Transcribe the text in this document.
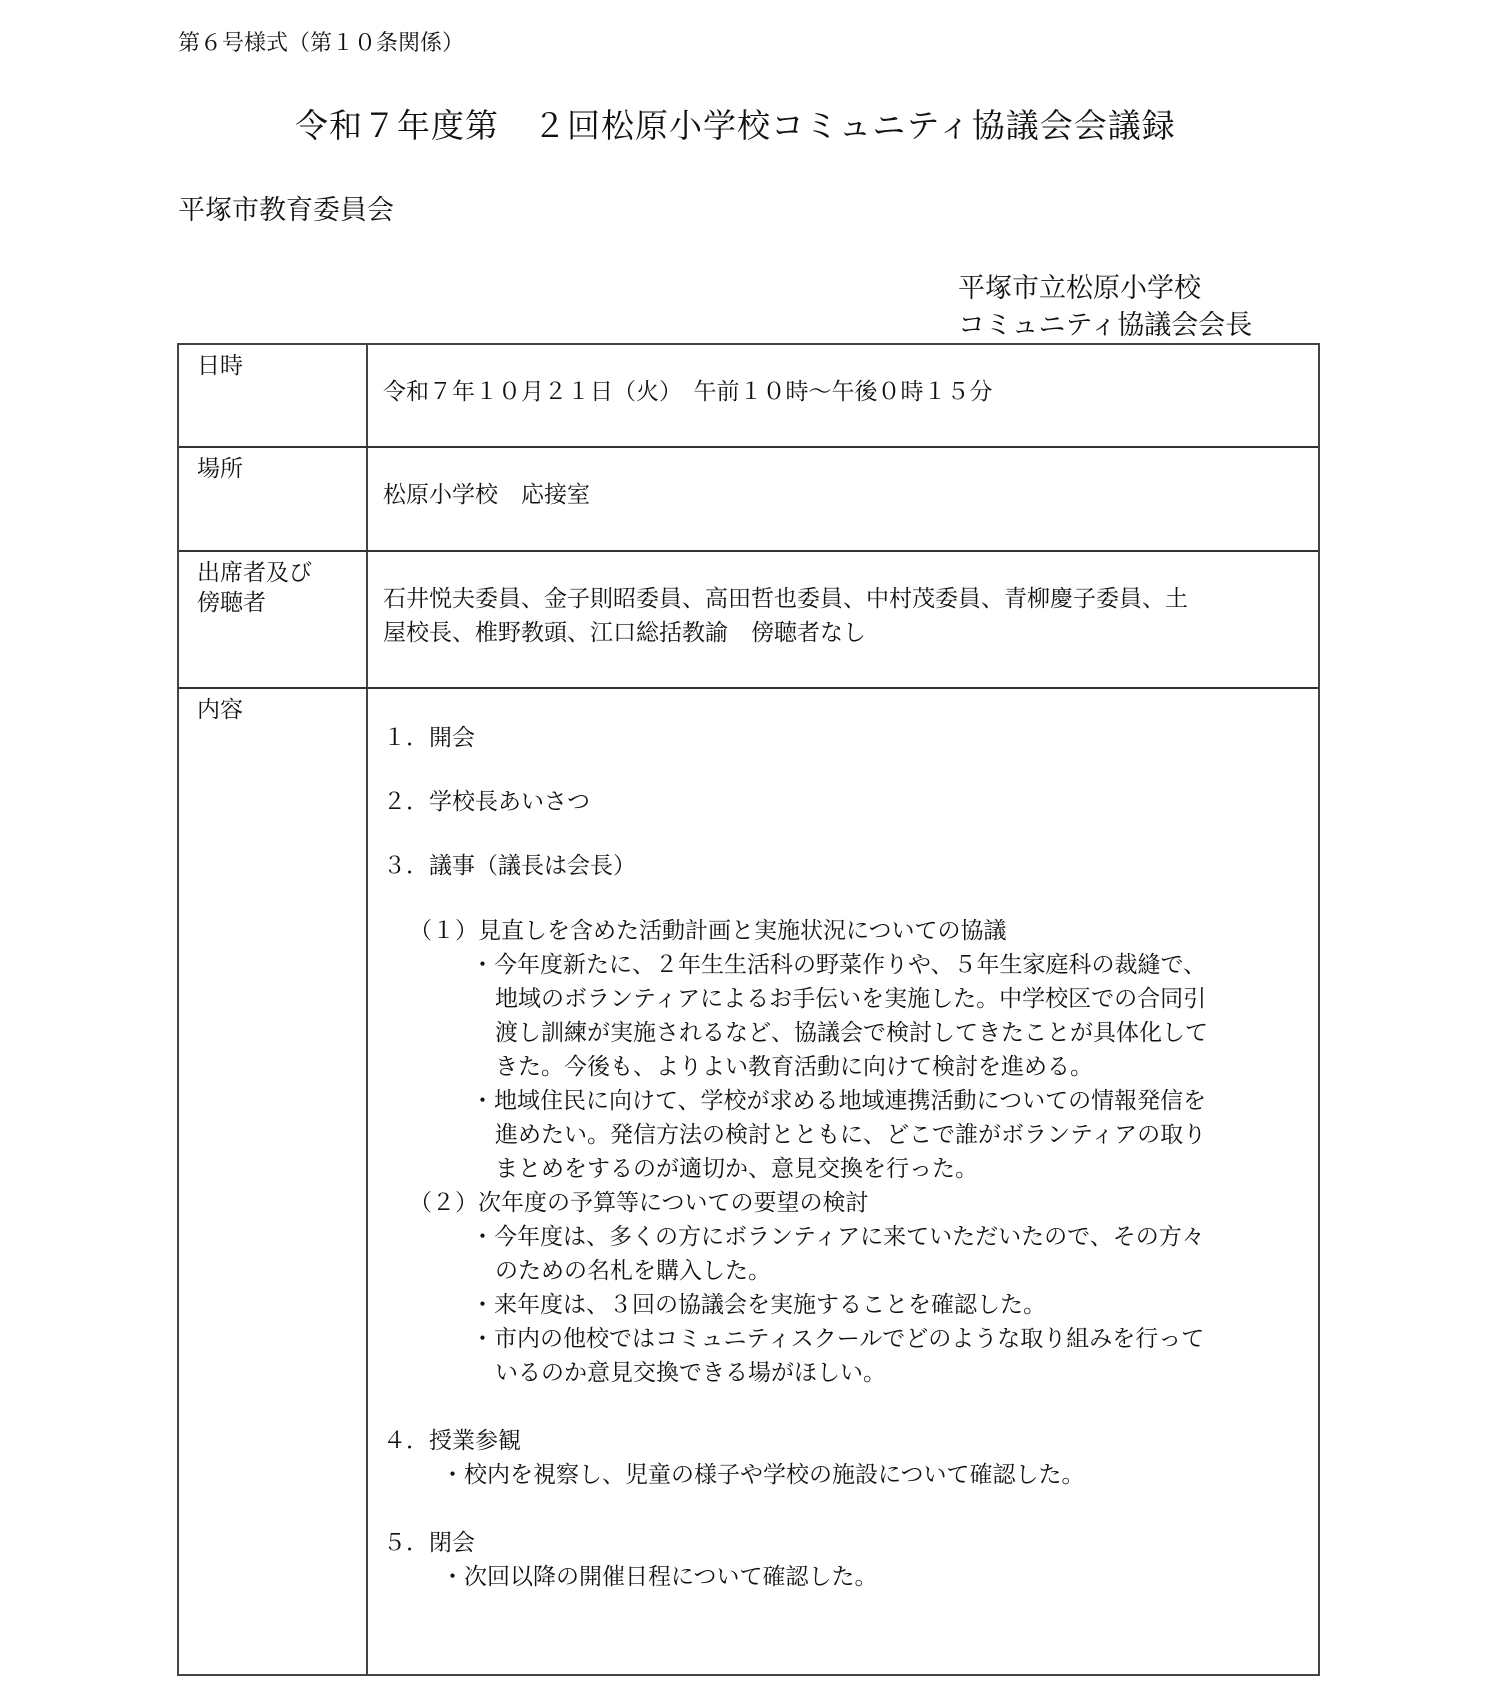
第６号様式（第１０条関係）
令和７年度第　２回松原小学校コミュニティ協議会会議録
平塚市教育委員会
平塚市立松原小学校
コミュニティ協議会会長
日時
令和７年１０月２１日（火）　午前１０時～午後０時１５分
場所
松原小学校　応接室
出席者及び
傍聴者	石井悦夫委員、金子則昭委員、高田哲也委員、中村茂委員、青柳慶子委員、土
屋校長、椎野教頭、江口総括教諭　傍聴者なし
内容
１．開会
２．学校長あいさつ
３．議事（議長は会長）
（１）見直しを含めた活動計画と実施状況についての協議
・今年度新たに、２年生生活科の野菜作りや、５年生家庭科の裁縫で、
地域のボランティアによるお手伝いを実施した。中学校区での合同引
渡し訓練が実施されるなど、協議会で検討してきたことが具体化して
きた。今後も、よりよい教育活動に向けて検討を進める。
・地域住民に向けて、学校が求める地域連携活動についての情報発信を
進めたい。発信方法の検討とともに、どこで誰がボランティアの取り
まとめをするのが適切か、意見交換を行った。
（２）次年度の予算等についての要望の検討
・今年度は、多くの方にボランティアに来ていただいたので、その方々
のための名札を購入した。
・来年度は、３回の協議会を実施することを確認した。
・市内の他校ではコミュニティスクールでどのような取り組みを行って
いるのか意見交換できる場がほしい。
４．授業参観
・校内を視察し、児童の様子や学校の施設について確認した。
５．閉会
・次回以降の開催日程について確認した。
